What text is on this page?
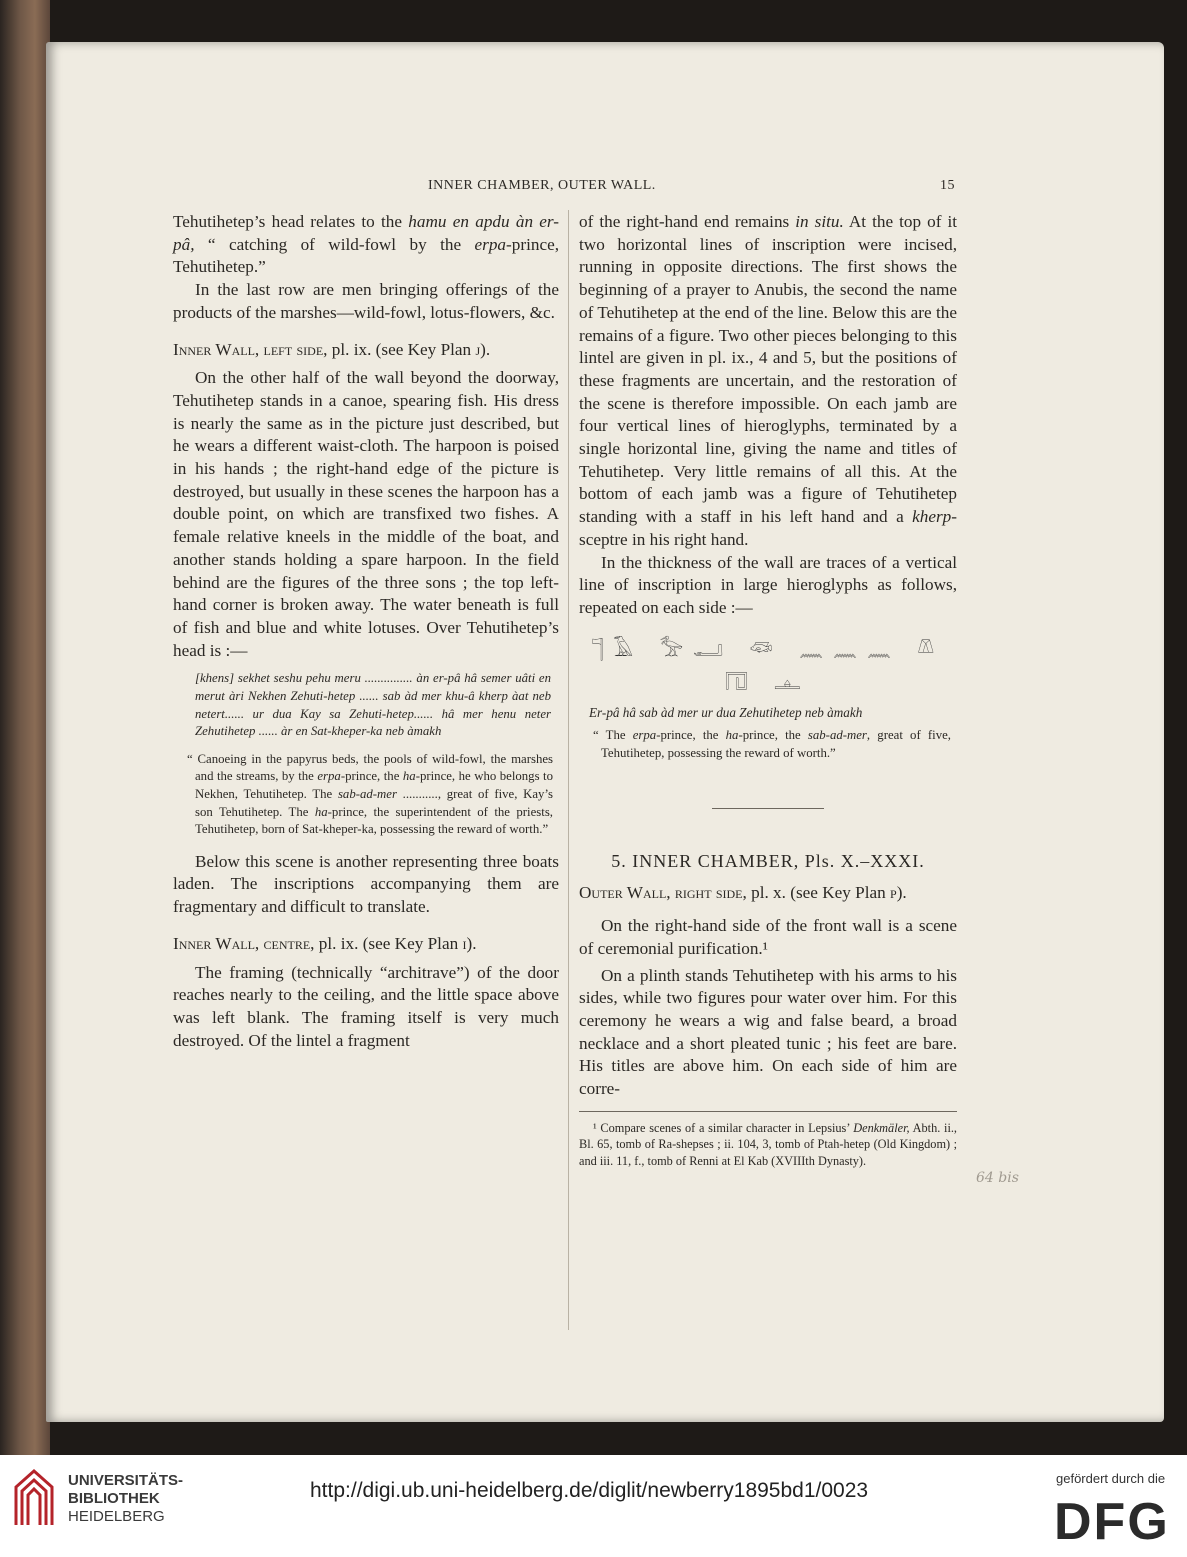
INNER CHAMBER, OUTER WALL.	15

Tehutihetep’s head relates to the hamu en apdu àn er-pâ, “ catching of wild-fowl by the erpa-prince, Tehutihetep.”

In the last row are men bringing offerings of the products of the marshes—wild-fowl, lotus-flowers, &c.

Inner Wall, left side, pl. ix. (see Key Plan j).

On the other half of the wall beyond the doorway, Tehutihetep stands in a canoe, spearing fish. His dress is nearly the same as in the picture just described, but he wears a different waist-cloth. The harpoon is poised in his hands ; the right-hand edge of the picture is destroyed, but usually in these scenes the harpoon has a double point, on which are transfixed two fishes. A female relative kneels in the middle of the boat, and another stands holding a spare harpoon. In the field behind are the figures of the three sons ; the top left-hand corner is broken away. The water beneath is full of fish and blue and white lotuses. Over Tehutihetep’s head is :—

[khens] sekhet seshu pehu meru ............... àn er-pâ hâ semer uâti en merut àri Nekhen Zehuti-hetep ...... sab àd mer khu-â kherp àat neb netert...... ur dua Kay sa Zehuti-hetep...... hâ mer henu neter Zehutihetep ...... àr en Sat-kheper-ka neb àmakh

“ Canoeing in the papyrus beds, the pools of wild-fowl, the marshes and the streams, by the erpa-prince, the ha-prince, he who belongs to Nekhen, Tehutihetep. The sab-ad-mer ..........., great of five, Kay’s son Tehutihetep. The ha-prince, the superintendent of the priests, Tehutihetep, born of Sat-kheper-ka, possessing the reward of worth.”

Below this scene is another representing three boats laden. The inscriptions accompanying them are fragmentary and difficult to translate.

Inner Wall, centre, pl. ix. (see Key Plan i).

The framing (technically “architrave”) of the door reaches nearly to the ceiling, and the little space above was left blank. The framing itself is very much destroyed. Of the lintel a fragment

of the right-hand end remains in situ. At the top of it two horizontal lines of inscription were incised, running in opposite directions. The first shows the beginning of a prayer to Anubis, the second the name of Tehutihetep at the end of the line. Below this are the remains of a figure. Two other pieces belonging to this lintel are given in pl. ix., 4 and 5, but the positions of these fragments are uncertain, and the restoration of the scene is therefore impossible. On each jamb are four vertical lines of hieroglyphs, terminated by a single horizontal line, giving the name and titles of Tehutihetep. Very little remains of all this. At the bottom of each jamb was a figure of Tehutihetep standing with a staff in his left hand and a kherp-sceptre in his right hand.

In the thickness of the wall are traces of a vertical line of inscription in large hieroglyphs as follows, repeated on each side :—

𓊹𓄿 𓅡𓂝 𓆛 𓈖𓈖𓈖 𓌨 𓉔 𓊵

Er-pâ hâ sab àd mer ur dua Zehutihetep neb àmakh

“ The erpa-prince, the ha-prince, the sab-ad-mer, great of five, Tehutihetep, possessing the reward of worth.”

5. INNER CHAMBER, Pls. X.–XXXI.

Outer Wall, right side, pl. x. (see Key Plan p).

On the right-hand side of the front wall is a scene of ceremonial purification.¹

On a plinth stands Tehutihetep with his arms to his sides, while two figures pour water over him. For this ceremony he wears a wig and false beard, a broad necklace and a short pleated tunic ; his feet are bare. His titles are above him. On each side of him are corre-

¹ Compare scenes of a similar character in Lepsius’ Denkmäler, Abth. ii., Bl. 65, tomb of Ra-shepses ; ii. 104, 3, tomb of Ptah-hetep (Old Kingdom) ; and iii. 11, f., tomb of Renni at El Kab (XVIIIth Dynasty).

64 bis
UNIVERSITÄTS-
BIBLIOTHEK
HEIDELBERG
http://digi.ub.uni-heidelberg.de/diglit/newberry1895bd1/0023
gefördert durch die
DFG
